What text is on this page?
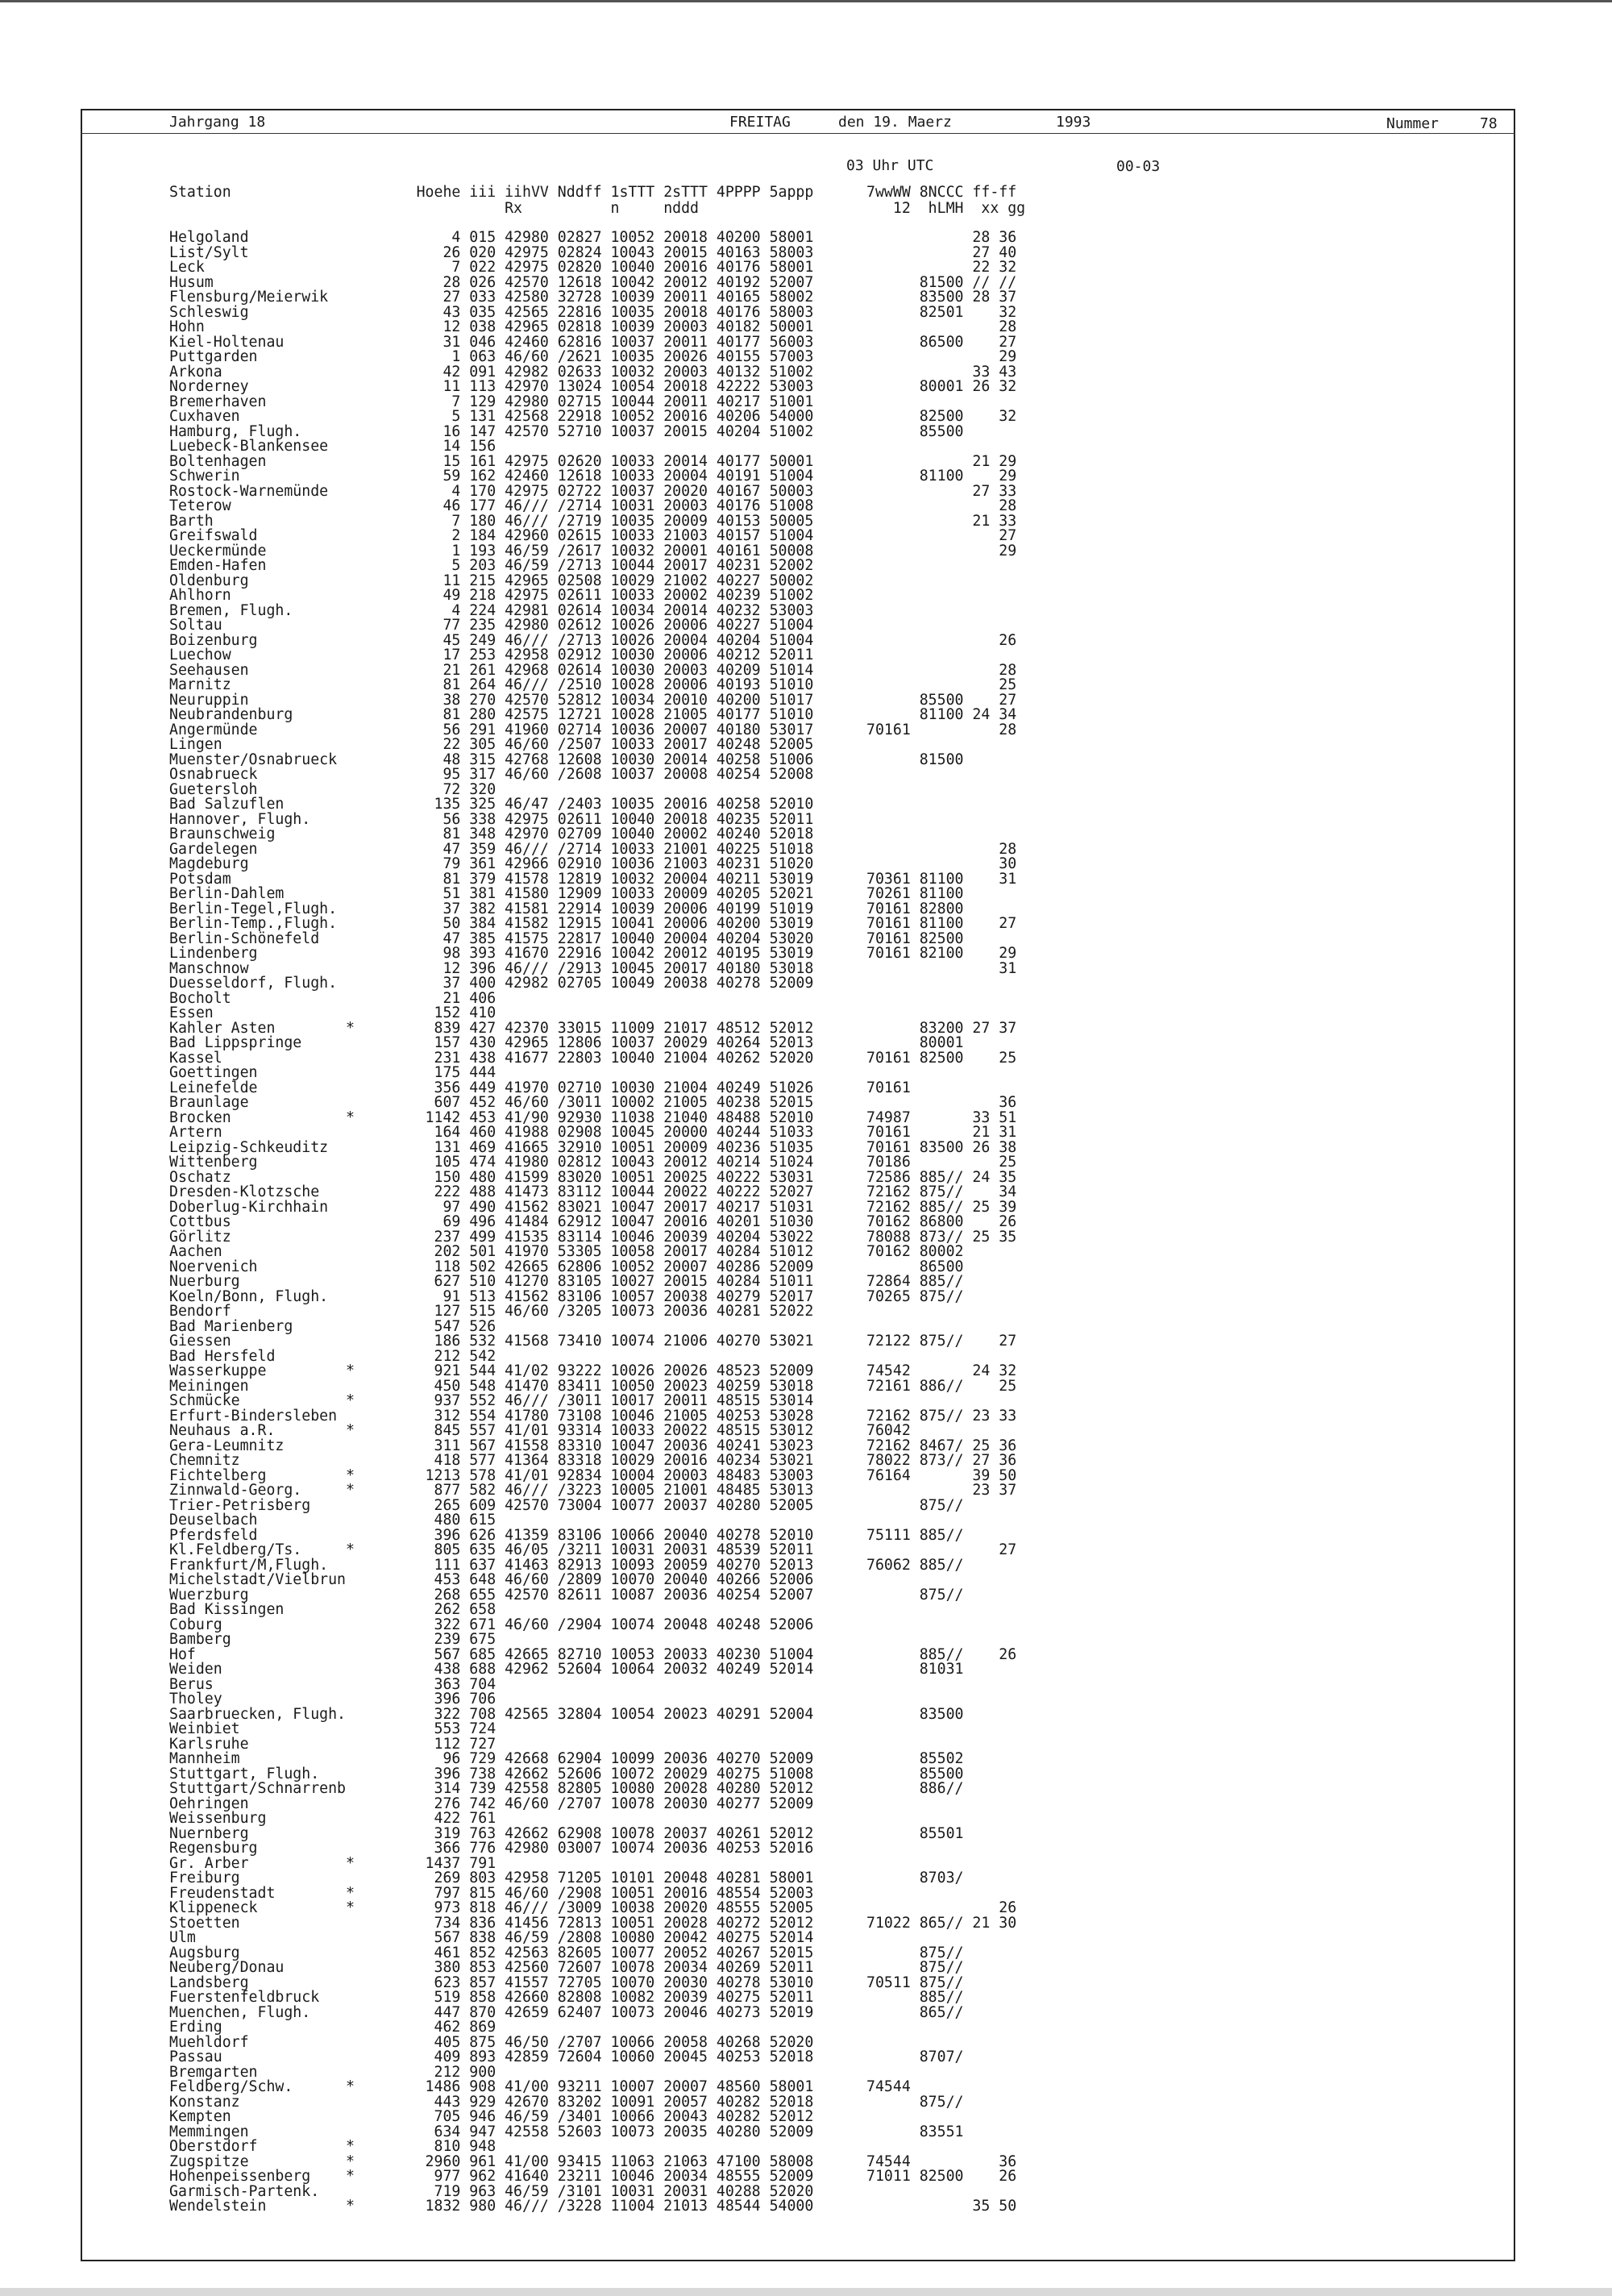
Jahrgang 18	FREITAG	den 19. Maerz	1993	Nummer	78
03 Uhr UTC	00-03
Station                     Hoehe iii iihVV Nddff 1sTTT 2sTTT 4PPPP 5appp      7wwWW 8NCCC ff-ff
Rx          n     nddd                      12  hLMH  xx gg
Helgoland                       4 015 42980 02827 10052 20018 40200 58001                  28 36
List/Sylt                      26 020 42975 02824 10043 20015 40163 58003                  27 40
Leck                            7 022 42975 02820 10040 20016 40176 58001                  22 32
Husum                          28 026 42570 12618 10042 20012 40192 52007            81500 // //
Flensburg/Meierwik             27 033 42580 32728 10039 20011 40165 58002            83500 28 37
Schleswig                      43 035 42565 22816 10035 20018 40176 58003            82501    32
Hohn                           12 038 42965 02818 10039 20003 40182 50001                     28
Kiel-Holtenau                  31 046 42460 62816 10037 20011 40177 56003            86500    27
Puttgarden                      1 063 46/60 /2621 10035 20026 40155 57003                     29
Arkona                         42 091 42982 02633 10032 20003 40132 51002                  33 43
Norderney                      11 113 42970 13024 10054 20018 42222 53003            80001 26 32
Bremerhaven                     7 129 42980 02715 10044 20011 40217 51001
Cuxhaven                        5 131 42568 22918 10052 20016 40206 54000            82500    32
Hamburg, Flugh.                16 147 42570 52710 10037 20015 40204 51002            85500
Luebeck-Blankensee             14 156
Boltenhagen                    15 161 42975 02620 10033 20014 40177 50001                  21 29
Schwerin                       59 162 42460 12618 10033 20004 40191 51004            81100    29
Rostock-Warnemünde              4 170 42975 02722 10037 20020 40167 50003                  27 33
Teterow                        46 177 46/// /2714 10031 20003 40176 51008                     28
Barth                           7 180 46/// /2719 10035 20009 40153 50005                  21 33
Greifswald                      2 184 42960 02615 10033 21003 40157 51004                     27
Ueckermünde                     1 193 46/59 /2617 10032 20001 40161 50008                     29
Emden-Hafen                     5 203 46/59 /2713 10044 20017 40231 52002
Oldenburg                      11 215 42965 02508 10029 21002 40227 50002
Ahlhorn                        49 218 42975 02611 10033 20002 40239 51002
Bremen, Flugh.                  4 224 42981 02614 10034 20014 40232 53003
Soltau                         77 235 42980 02612 10026 20006 40227 51004
Boizenburg                     45 249 46/// /2713 10026 20004 40204 51004                     26
Luechow                        17 253 42958 02912 10030 20006 40212 52011
Seehausen                      21 261 42968 02614 10030 20003 40209 51014                     28
Marnitz                        81 264 46/// /2510 10028 20006 40193 51010                     25
Neuruppin                      38 270 42570 52812 10034 20010 40200 51017            85500    27
Neubrandenburg                 81 280 42575 12721 10028 21005 40177 51010            81100 24 34
Angermünde                     56 291 41960 02714 10036 20007 40180 53017      70161          28
Lingen                         22 305 46/60 /2507 10033 20017 40248 52005
Muenster/Osnabrueck            48 315 42768 12608 10030 20014 40258 51006            81500
Osnabrueck                     95 317 46/60 /2608 10037 20008 40254 52008
Guetersloh                     72 320
Bad Salzuflen                 135 325 46/47 /2403 10035 20016 40258 52010
Hannover, Flugh.               56 338 42975 02611 10040 20018 40235 52011
Braunschweig                   81 348 42970 02709 10040 20002 40240 52018
Gardelegen                     47 359 46/// /2714 10033 21001 40225 51018                     28
Magdeburg                      79 361 42966 02910 10036 21003 40231 51020                     30
Potsdam                        81 379 41578 12819 10032 20004 40211 53019      70361 81100    31
Berlin-Dahlem                  51 381 41580 12909 10033 20009 40205 52021      70261 81100
Berlin-Tegel,Flugh.            37 382 41581 22914 10039 20006 40199 51019      70161 82800
Berlin-Temp.,Flugh.            50 384 41582 12915 10041 20006 40200 53019      70161 81100    27
Berlin-Schönefeld              47 385 41575 22817 10040 20004 40204 53020      70161 82500
Lindenberg                     98 393 41670 22916 10042 20012 40195 53019      70161 82100    29
Manschnow                      12 396 46/// /2913 10045 20017 40180 53018                     31
Duesseldorf, Flugh.            37 400 42982 02705 10049 20038 40278 52009
Bocholt                        21 406
Essen                         152 410
Kahler Asten        *         839 427 42370 33015 11009 21017 48512 52012            83200 27 37
Bad Lippspringe               157 430 42965 12806 10037 20029 40264 52013            80001
Kassel                        231 438 41677 22803 10040 21004 40262 52020      70161 82500    25
Goettingen                    175 444
Leinefelde                    356 449 41970 02710 10030 21004 40249 51026      70161
Braunlage                     607 452 46/60 /3011 10002 21005 40238 52015                     36
Brocken             *        1142 453 41/90 92930 11038 21040 48488 52010      74987       33 51
Artern                        164 460 41988 02908 10045 20000 40244 51033      70161       21 31
Leipzig-Schkeuditz            131 469 41665 32910 10051 20009 40236 51035      70161 83500 26 38
Wittenberg                    105 474 41980 02812 10043 20012 40214 51024      70186          25
Oschatz                       150 480 41599 83020 10051 20025 40222 53031      72586 885// 24 35
Dresden-Klotzsche             222 488 41473 83112 10044 20022 40222 52027      72162 875//    34
Doberlug-Kirchhain             97 490 41562 83021 10047 20017 40217 51031      72162 885// 25 39
Cottbus                        69 496 41484 62912 10047 20016 40201 51030      70162 86800    26
Görlitz                       237 499 41535 83114 10046 20039 40204 53022      78088 873// 25 35
Aachen                        202 501 41970 53305 10058 20017 40284 51012      70162 80002
Noervenich                    118 502 42665 62806 10052 20007 40286 52009            86500
Nuerburg                      627 510 41270 83105 10027 20015 40284 51011      72864 885//
Koeln/Bonn, Flugh.             91 513 41562 83106 10057 20038 40279 52017      70265 875//
Bendorf                       127 515 46/60 /3205 10073 20036 40281 52022
Bad Marienberg                547 526
Giessen                       186 532 41568 73410 10074 21006 40270 53021      72122 875//    27
Bad Hersfeld                  212 542
Wasserkuppe         *         921 544 41/02 93222 10026 20026 48523 52009      74542       24 32
Meiningen                     450 548 41470 83411 10050 20023 40259 53018      72161 886//    25
Schmücke            *         937 552 46/// /3011 10017 20011 48515 53014
Erfurt-Bindersleben           312 554 41780 73108 10046 21005 40253 53028      72162 875// 23 33
Neuhaus a.R.        *         845 557 41/01 93314 10033 20022 48515 53012      76042
Gera-Leumnitz                 311 567 41558 83310 10047 20036 40241 53023      72162 8467/ 25 36
Chemnitz                      418 577 41364 83318 10029 20016 40234 53021      78022 873// 27 36
Fichtelberg         *        1213 578 41/01 92834 10004 20003 48483 53003      76164       39 50
Zinnwald-Georg.     *         877 582 46/// /3223 10005 21001 48485 53013                  23 37
Trier-Petrisberg              265 609 42570 73004 10077 20037 40280 52005            875//
Deuselbach                    480 615
Pferdsfeld                    396 626 41359 83106 10066 20040 40278 52010      75111 885//
Kl.Feldberg/Ts.     *         805 635 46/05 /3211 10031 20031 48539 52011                     27
Frankfurt/M,Flugh.            111 637 41463 82913 10093 20059 40270 52013      76062 885//
Michelstadt/Vielbrun          453 648 46/60 /2809 10070 20040 40266 52006
Wuerzburg                     268 655 42570 82611 10087 20036 40254 52007            875//
Bad Kissingen                 262 658
Coburg                        322 671 46/60 /2904 10074 20048 40248 52006
Bamberg                       239 675
Hof                           567 685 42665 82710 10053 20033 40230 51004            885//    26
Weiden                        438 688 42962 52604 10064 20032 40249 52014            81031
Berus                         363 704
Tholey                        396 706
Saarbruecken, Flugh.          322 708 42565 32804 10054 20023 40291 52004            83500
Weinbiet                      553 724
Karlsruhe                     112 727
Mannheim                       96 729 42668 62904 10099 20036 40270 52009            85502
Stuttgart, Flugh.             396 738 42662 52606 10072 20029 40275 51008            85500
Stuttgart/Schnarrenb          314 739 42558 82805 10080 20028 40280 52012            886//
Oehringen                     276 742 46/60 /2707 10078 20030 40277 52009
Weissenburg                   422 761
Nuernberg                     319 763 42662 62908 10078 20037 40261 52012            85501
Regensburg                    366 776 42980 03007 10074 20036 40253 52016
Gr. Arber           *        1437 791
Freiburg                      269 803 42958 71205 10101 20048 40281 58001            8703/
Freudenstadt        *         797 815 46/60 /2908 10051 20016 48554 52003
Klippeneck          *         973 818 46/// /3009 10038 20020 48555 52005                     26
Stoetten                      734 836 41456 72813 10051 20028 40272 52012      71022 865// 21 30
Ulm                           567 838 46/59 /2808 10080 20042 40275 52014
Augsburg                      461 852 42563 82605 10077 20052 40267 52015            875//
Neuberg/Donau                 380 853 42560 72607 10078 20034 40269 52011            875//
Landsberg                     623 857 41557 72705 10070 20030 40278 53010      70511 875//
Fuerstenfeldbruck             519 858 42660 82808 10082 20039 40275 52011            885//
Muenchen, Flugh.              447 870 42659 62407 10073 20046 40273 52019            865//
Erding                        462 869
Muehldorf                     405 875 46/50 /2707 10066 20058 40268 52020
Passau                        409 893 42859 72604 10060 20045 40253 52018            8707/
Bremgarten                    212 900
Feldberg/Schw.      *        1486 908 41/00 93211 10007 20007 48560 58001      74544
Konstanz                      443 929 42670 83202 10091 20057 40282 52018            875//
Kempten                       705 946 46/59 /3401 10066 20043 40282 52012
Memmingen                     634 947 42558 52603 10073 20035 40280 52009            83551
Oberstdorf          *         810 948
Zugspitze           *        2960 961 41/00 93415 11063 21063 47100 58008      74544          36
Hohenpeissenberg    *         977 962 41640 23211 10046 20034 48555 52009      71011 82500    26
Garmisch-Partenk.             719 963 46/59 /3101 10031 20031 40288 52020
Wendelstein         *        1832 980 46/// /3228 11004 21013 48544 54000                  35 50
